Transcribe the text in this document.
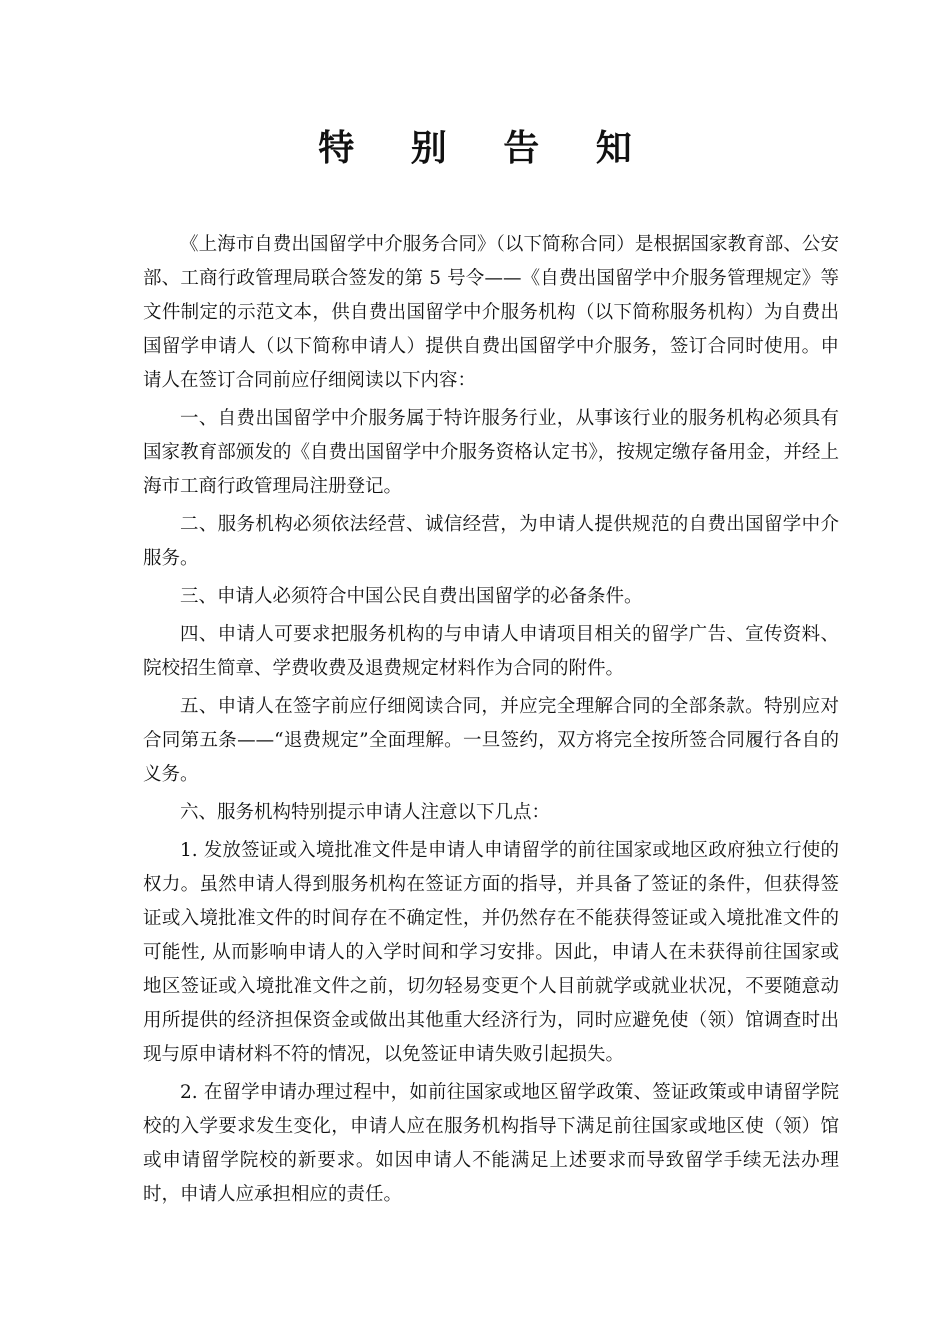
特 别 告 知

《上海市自费出国留学中介服务合同》（以下简称合同）是根据国家教育部、公安部、工商行政管理局联合签发的第 5 号令——《自费出国留学中介服务管理规定》等文件制定的示范文本，供自费出国留学中介服务机构（以下简称服务机构）为自费出国留学申请人（以下简称申请人）提供自费出国留学中介服务，签订合同时使用。申请人在签订合同前应仔细阅读以下内容：

一、自费出国留学中介服务属于特许服务行业，从事该行业的服务机构必须具有国家教育部颁发的《自费出国留学中介服务资格认定书》，按规定缴存备用金，并经上海市工商行政管理局注册登记。

二、服务机构必须依法经营、诚信经营，为申请人提供规范的自费出国留学中介服务。

三、申请人必须符合中国公民自费出国留学的必备条件。

四、申请人可要求把服务机构的与申请人申请项目相关的留学广告、宣传资料、院校招生简章、学费收费及退费规定材料作为合同的附件。

五、申请人在签字前应仔细阅读合同，并应完全理解合同的全部条款。特别应对合同第五条——“退费规定”全面理解。一旦签约，双方将完全按所签合同履行各自的义务。

六、服务机构特别提示申请人注意以下几点：

1. 发放签证或入境批准文件是申请人申请留学的前往国家或地区政府独立行使的权力。虽然申请人得到服务机构在签证方面的指导，并具备了签证的条件，但获得签证或入境批准文件的时间存在不确定性，并仍然存在不能获得签证或入境批准文件的可能性, 从而影响申请人的入学时间和学习安排。因此，申请人在未获得前往国家或地区签证或入境批准文件之前，切勿轻易变更个人目前就学或就业状况，不要随意动用所提供的经济担保资金或做出其他重大经济行为，同时应避免使（领）馆调查时出现与原申请材料不符的情况，以免签证申请失败引起损失。

2. 在留学申请办理过程中，如前往国家或地区留学政策、签证政策或申请留学院校的入学要求发生变化，申请人应在服务机构指导下满足前往国家或地区使（领）馆或申请留学院校的新要求。如因申请人不能满足上述要求而导致留学手续无法办理时，申请人应承担相应的责任。
